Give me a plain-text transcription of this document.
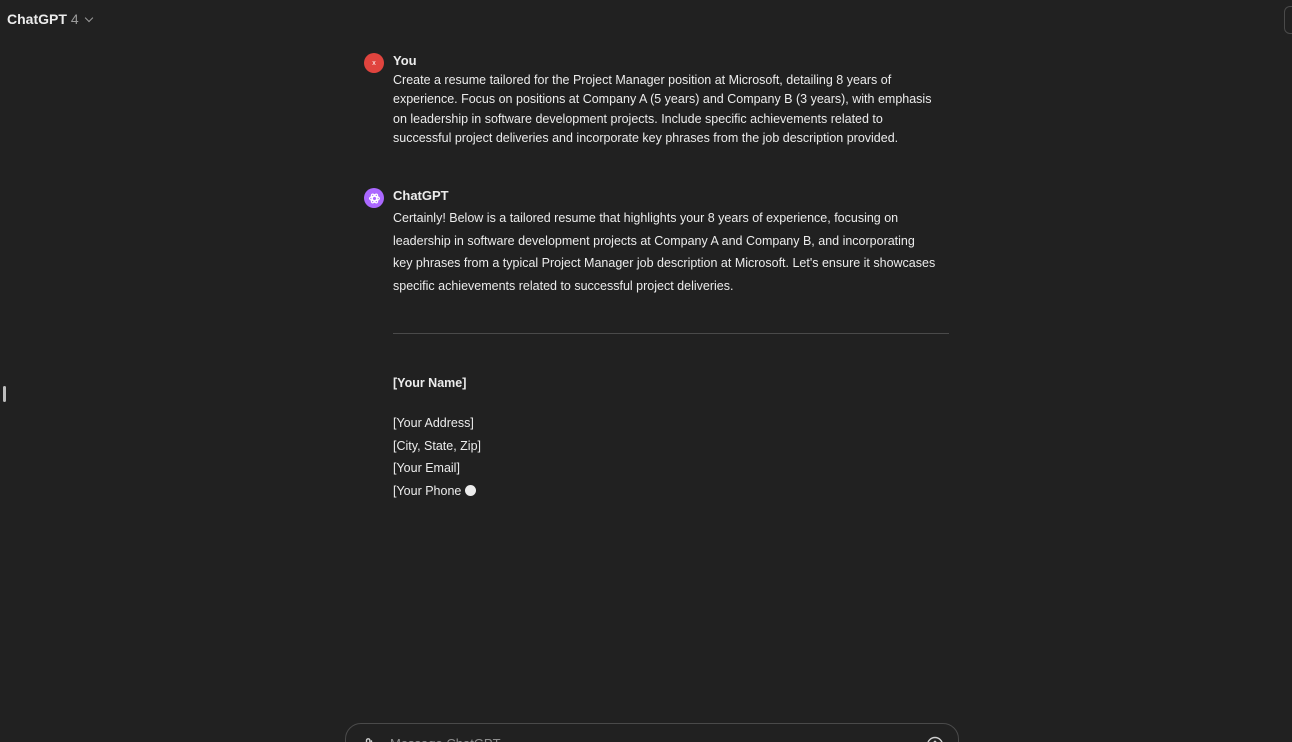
ChatGPT 4
x You
Create a resume tailored for the Project Manager position at Microsoft, detailing 8 years of
experience. Focus on positions at Company A (5 years) and Company B (3 years), with emphasis
on leadership in software development projects. Include specific achievements related to
successful project deliveries and incorporate key phrases from the job description provided.
ChatGPT
Certainly! Below is a tailored resume that highlights your 8 years of experience, focusing on
leadership in software development projects at Company A and Company B, and incorporating
key phrases from a typical Project Manager job description at Microsoft. Let's ensure it showcases
specific achievements related to successful project deliveries.
[Your Name]
[Your Address]
[City, State, Zip]
[Your Email]
[Your Phone
Message ChatGPT...
